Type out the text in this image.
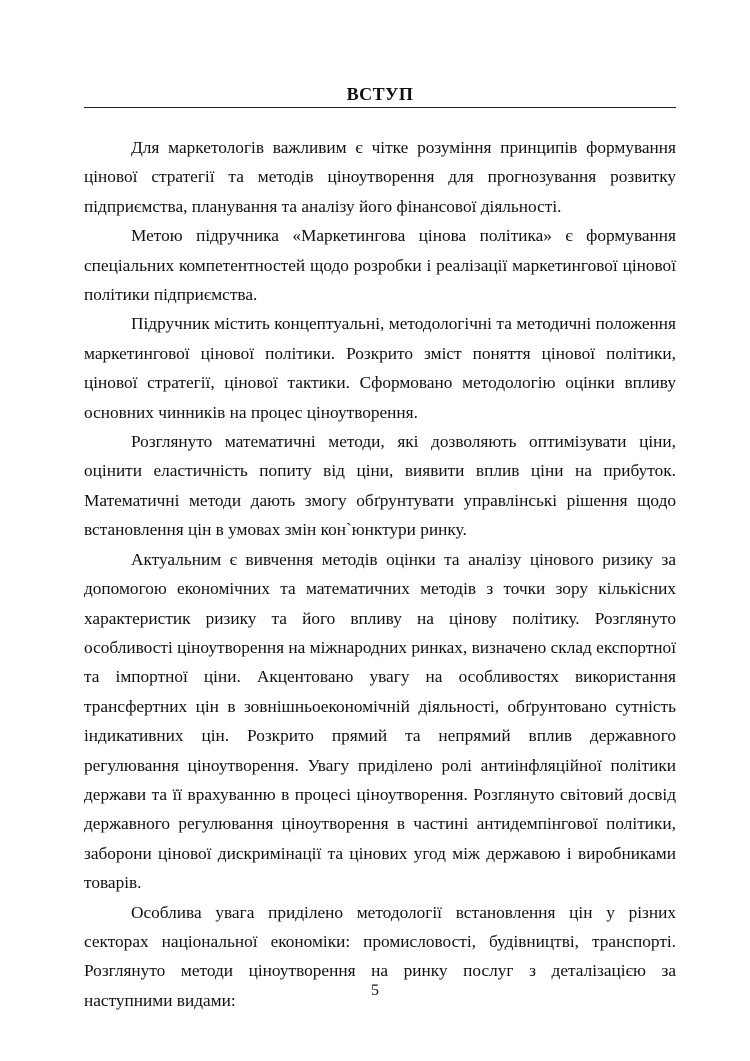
ВСТУП

Для маркетологів важливим є чітке розуміння принципів формування цінової стратегії та методів ціноутворення для прогнозування розвитку підприємства, планування та аналізу його фінансової діяльності.

Метою підручника «Маркетингова цінова політика» є формування спеціальних компетентностей щодо розробки і реалізації маркетингової цінової політики підприємства.

Підручник містить концептуальні, методологічні та методичні положення маркетингової цінової політики. Розкрито зміст поняття цінової політики, цінової стратегії, цінової тактики. Сформовано методологію оцінки впливу основних чинників на процес ціноутворення.

Розглянуто математичні методи, які дозволяють оптимізувати ціни, оцінити еластичність попиту від ціни, виявити вплив ціни на прибуток. Математичні методи дають змогу обґрунтувати управлінські рішення щодо встановлення цін в умовах змін кон`юнктури ринку.

Актуальним є вивчення методів оцінки та аналізу цінового ризику за допомогою економічних та математичних методів з точки зору кількісних характеристик ризику та його впливу на цінову політику. Розглянуто особливості ціноутворення на міжнародних ринках, визначено склад експортної та імпортної ціни. Акцентовано увагу на особливостях використання трансфертних цін в зовнішньоекономічній діяльності, обґрунтовано сутність індикативних цін. Розкрито прямий та непрямий вплив державного регулювання ціноутворення. Увагу приділено ролі антиінфляційної політики держави та її врахуванню в процесі ціноутворення. Розглянуто світовий досвід державного регулювання ціноутворення в частині антидемпінгової політики, заборони цінової дискримінації та цінових угод між державою і виробниками товарів.

Особлива увага приділено методології встановлення цін у різних секторах національної економіки: промисловості, будівництві, транспорті. Розглянуто методи ціноутворення на ринку послуг з деталізацією за наступними видами:

5
